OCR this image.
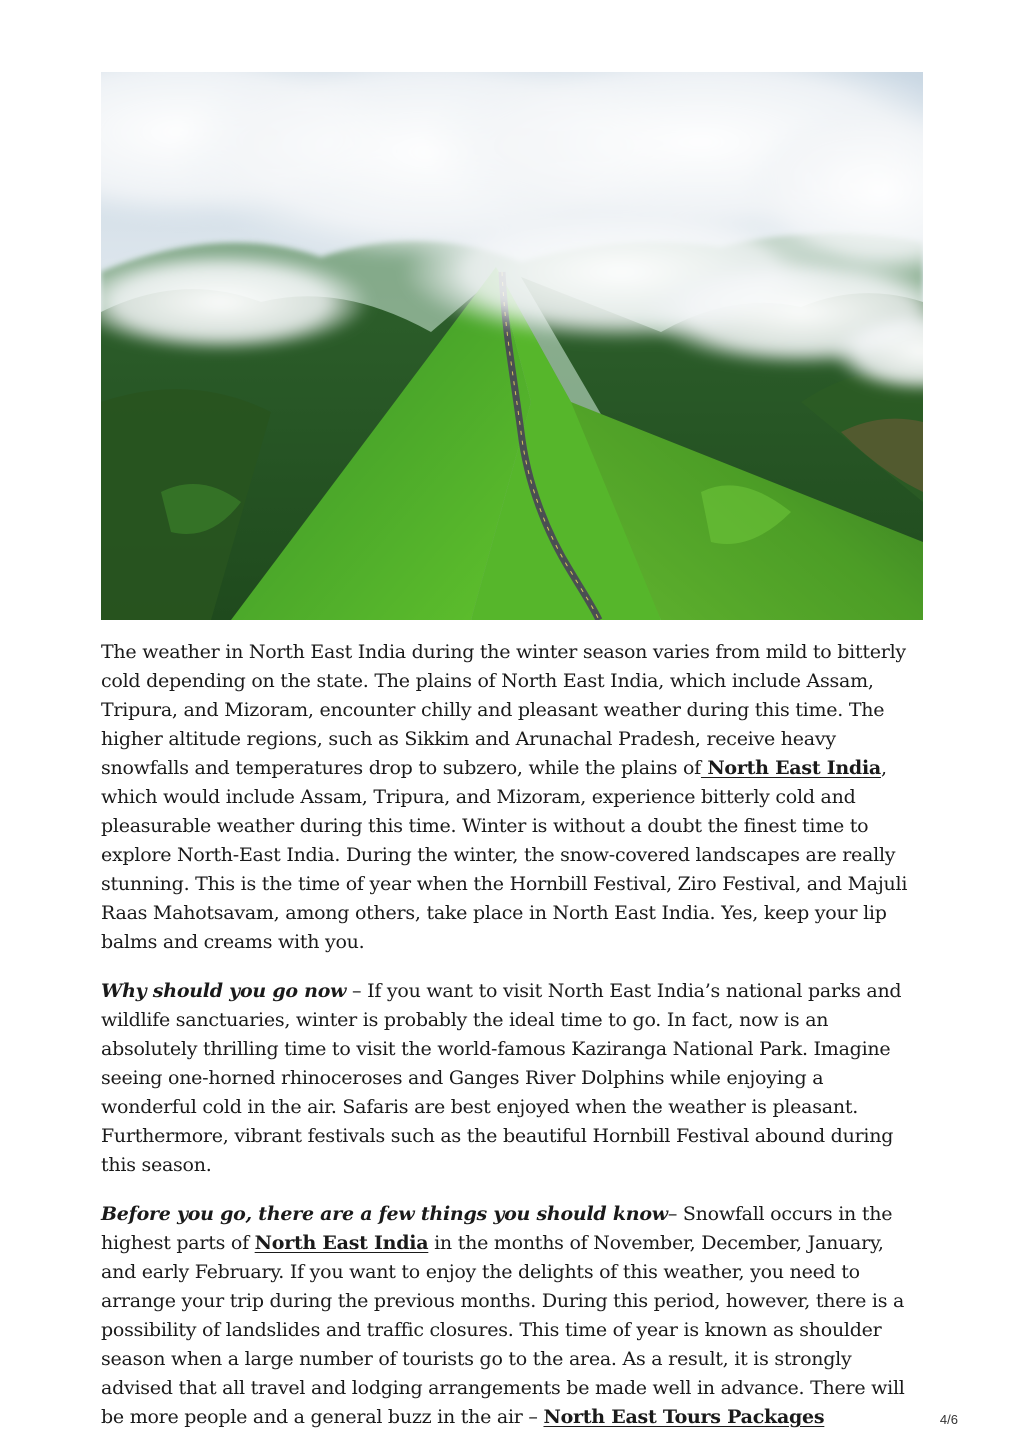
The weather in North East India during the winter season varies from mild to bitterly cold depending on the state. The plains of North East India, which include Assam, Tripura, and Mizoram, encounter chilly and pleasant weather during this time. The higher altitude regions, such as Sikkim and Arunachal Pradesh, receive heavy snowfalls and temperatures drop to subzero, while the plains of North East India, which would include Assam, Tripura, and Mizoram, experience bitterly cold and pleasurable weather during this time. Winter is without a doubt the finest time to explore North-East India. During the winter, the snow-covered landscapes are really stunning. This is the time of year when the Hornbill Festival, Ziro Festival, and Majuli Raas Mahotsavam, among others, take place in North East India. Yes, keep your lip balms and creams with you.

Why should you go now – If you want to visit North East India’s national parks and wildlife sanctuaries, winter is probably the ideal time to go. In fact, now is an absolutely thrilling time to visit the world-famous Kaziranga National Park. Imagine seeing one-horned rhinoceroses and Ganges River Dolphins while enjoying a wonderful cold in the air. Safaris are best enjoyed when the weather is pleasant. Furthermore, vibrant festivals such as the beautiful Hornbill Festival abound during this season.

Before you go, there are a few things you should know– Snowfall occurs in the highest parts of North East India in the months of November, December, January, and early February. If you want to enjoy the delights of this weather, you need to arrange your trip during the previous months. During this period, however, there is a possibility of landslides and traffic closures. This time of year is known as shoulder season when a large number of tourists go to the area. As a result, it is strongly advised that all travel and lodging arrangements be made well in advance. There will be more people and a general buzz in the air – North East Tours Packages	4/6
